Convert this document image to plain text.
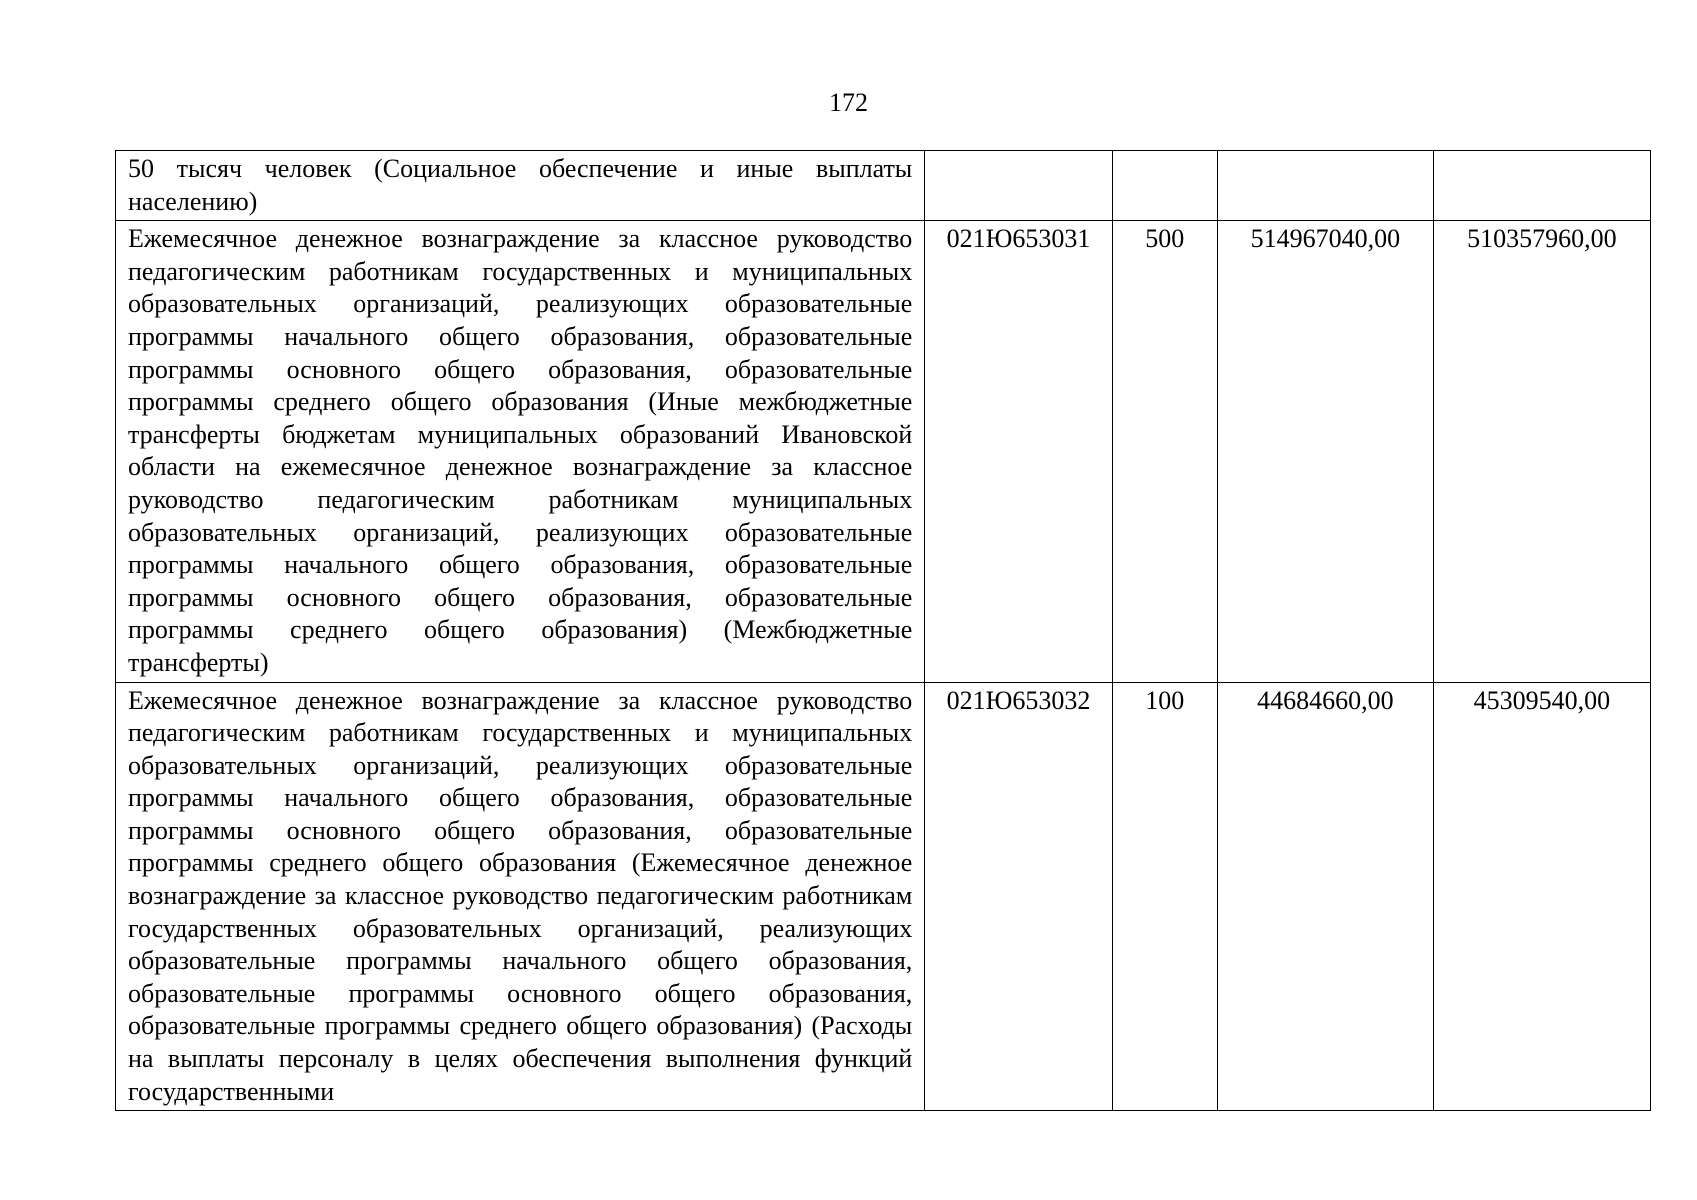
172
50 тысяч человек (Социальное обеспечение и иные выплаты населению)				
Ежемесячное денежное вознаграждение за классное руководство педагогическим работникам государственных и муниципальных образовательных организаций, реализующих образовательные программы начального общего образования, образовательные программы основного общего образования, образовательные программы среднего общего образования (Иные межбюджетные трансферты бюджетам муниципальных образований Ивановской области на ежемесячное денежное вознаграждение за классное руководство педагогическим работникам муниципальных образовательных организаций, реализующих образовательные программы начального общего образования, образовательные программы основного общего образования, образовательные программы среднего общего образования) (Межбюджетные трансферты)	021Ю653031	500	514967040,00	510357960,00

Ежемесячное денежное вознаграждение за классное руководство педагогическим работникам государственных и муниципальных образовательных организаций, реализующих образовательные программы начального общего образования, образовательные программы основного общего образования, образовательные программы среднего общего образования (Ежемесячное денежное вознаграждение за классное руководство педагогическим работникам государственных образовательных организаций, реализующих образовательные программы начального общего образования, образовательные программы основного общего образования, образовательные программы среднего общего образования) (Расходы на выплаты персоналу в целях обеспечения выполнения функций государственными	021Ю653032	100	44684660,00	45309540,00
